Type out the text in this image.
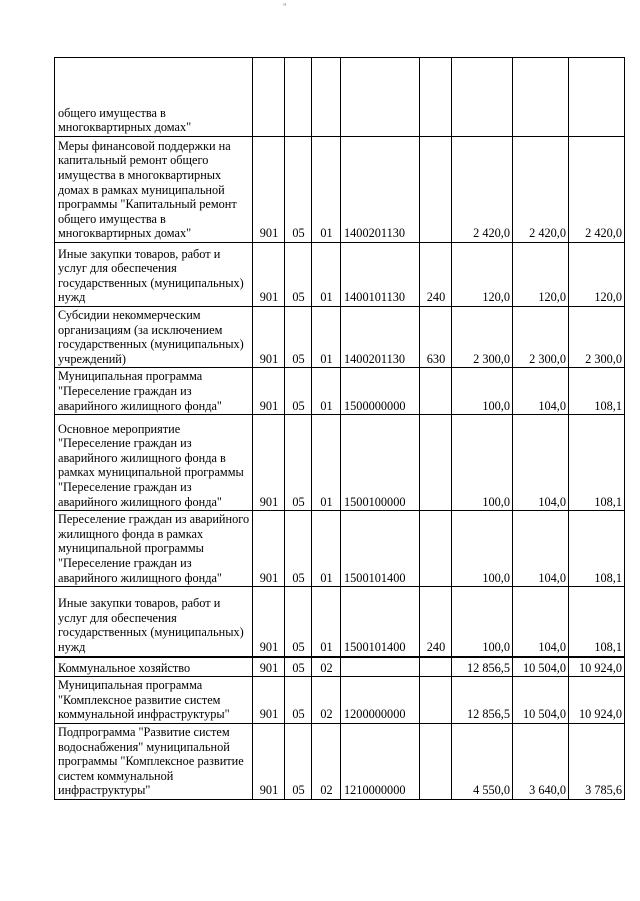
"
общего имущества в многоквартирных домах"								
Меры финансовой поддержки на капитальный ремонт общего имущества в многоквартирных домах в рамках муниципальной программы "Капитальный ремонт общего имущества в многоквартирных домах"	901	05	01	1400201130		2 420,0	2 420,0	2 420,0
Иные закупки товаров, работ и услуг для обеспечения государственных (муниципальных) нужд	901	05	01	1400101130	240	120,0	120,0	120,0
Субсидии некоммерческим организациям (за исключением государственных (муниципальных) учреждений)	901	05	01	1400201130	630	2 300,0	2 300,0	2 300,0
Муниципальная программа "Переселение граждан из аварийного жилищного фонда"	901	05	01	1500000000		100,0	104,0	108,1
Основное мероприятие "Переселение граждан из аварийного жилищного фонда в рамках муниципальной программы "Переселение граждан из аварийного жилищного фонда"	901	05	01	1500100000		100,0	104,0	108,1
Переселение граждан из аварийного жилищного фонда в рамках муниципальной программы "Переселение граждан из аварийного жилищного фонда"	901	05	01	1500101400		100,0	104,0	108,1
Иные закупки товаров, работ и услуг для обеспечения государственных (муниципальных) нужд	901	05	01	1500101400	240	100,0	104,0	108,1
Коммунальное хозяйство	901	05	02			12 856,5	10 504,0	10 924,0
Муниципальная программа "Комплексное развитие систем коммунальной инфраструктуры"	901	05	02	1200000000		12 856,5	10 504,0	10 924,0
Подпрограмма "Развитие систем водоснабжения" муниципальной программы "Комплексное развитие систем коммунальной инфраструктуры"	901	05	02	1210000000		4 550,0	3 640,0	3 785,6
